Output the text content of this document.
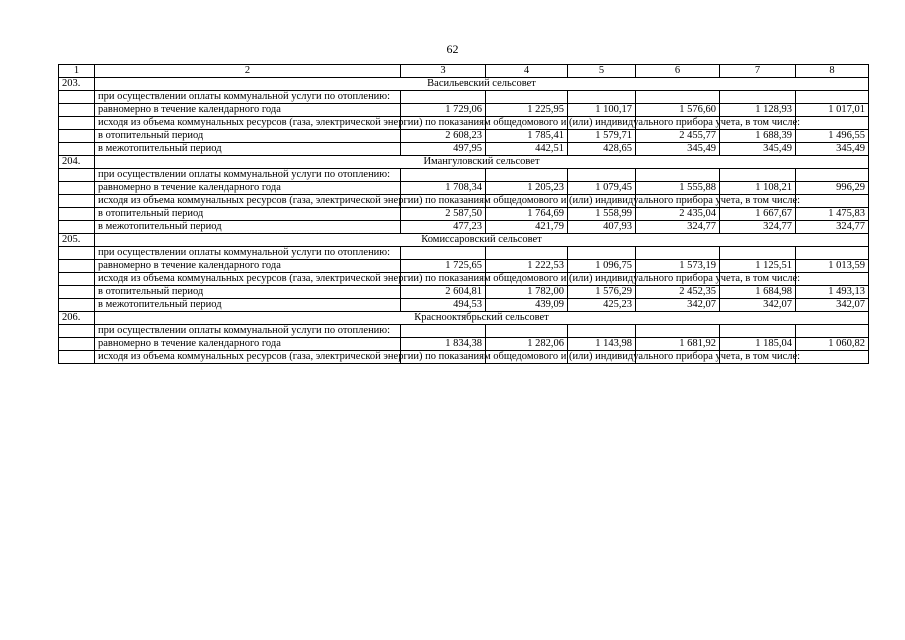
62
1	2	3	4	5	6	7	8
203.	Васильевский сельсовет						
	при осуществлении оплаты коммунальной услуги по отоплению:						
	равномерно в течение календарного года	1 729,06	1 225,95	1 100,17	1 576,60	1 128,93	1 017,01
	исходя из объема коммунальных ресурсов (газа, электрической энергии) по показаниям общедомового и (или) индивидуального прибора учета, в том числе:						
	в отопительный период	2 608,23	1 785,41	1 579,71	2 455,77	1 688,39	1 496,55
	в межотопительный период	497,95	442,51	428,65	345,49	345,49	345,49
204.	Имангуловский сельсовет						
	при осуществлении оплаты коммунальной услуги по отоплению:						
	равномерно в течение календарного года	1 708,34	1 205,23	1 079,45	1 555,88	1 108,21	996,29
	исходя из объема коммунальных ресурсов (газа, электрической энергии) по показаниям общедомового и (или) индивидуального прибора учета, в том числе:						
	в отопительный период	2 587,50	1 764,69	1 558,99	2 435,04	1 667,67	1 475,83
	в межотопительный период	477,23	421,79	407,93	324,77	324,77	324,77
205.	Комиссаровский сельсовет						
	при осуществлении оплаты коммунальной услуги по отоплению:						
	равномерно в течение календарного года	1 725,65	1 222,53	1 096,75	1 573,19	1 125,51	1 013,59
	исходя из объема коммунальных ресурсов (газа, электрической энергии) по показаниям общедомового и (или) индивидуального прибора учета, в том числе:						
	в отопительный период	2 604,81	1 782,00	1 576,29	2 452,35	1 684,98	1 493,13
	в межотопительный период	494,53	439,09	425,23	342,07	342,07	342,07
206.	Краснооктябрьский сельсовет						
	при осуществлении оплаты коммунальной услуги по отоплению:						
	равномерно в течение календарного года	1 834,38	1 282,06	1 143,98	1 681,92	1 185,04	1 060,82
	исходя из объема коммунальных ресурсов (газа, электрической энергии) по показаниям общедомового и (или) индивидуального прибора учета, в том числе:						
